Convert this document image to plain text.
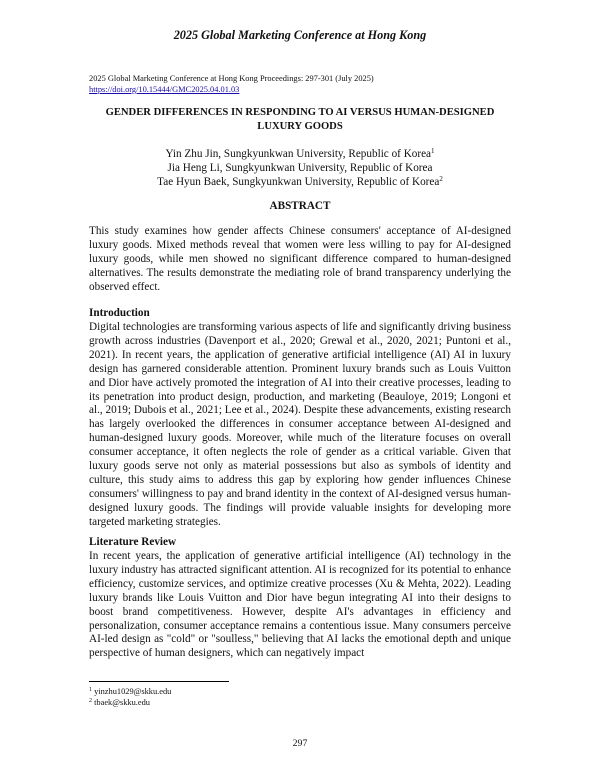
2025 Global Marketing Conference at Hong Kong
2025 Global Marketing Conference at Hong Kong Proceedings: 297-301 (July 2025)
https://doi.org/10.15444/GMC2025.04.01.03
GENDER DIFFERENCES IN RESPONDING TO AI VERSUS HUMAN-DESIGNED LUXURY GOODS
Yin Zhu Jin, Sungkyunkwan University, Republic of Korea$^1$
Jia Heng Li, Sungkyunkwan University, Republic of Korea
Tae Hyun Baek, Sungkyunkwan University, Republic of Korea$^2$
ABSTRACT
This study examines how gender affects Chinese consumers' acceptance of AI-designed luxury goods. Mixed methods reveal that women were less willing to pay for AI-designed luxury goods, while men showed no significant difference compared to human-designed alternatives. The results demonstrate the mediating role of brand transparency underlying the observed effect.
Introduction
Digital technologies are transforming various aspects of life and significantly driving business growth across industries (Davenport et al., 2020; Grewal et al., 2020, 2021; Puntoni et al., 2021). In recent years, the application of generative artificial intelligence (AI) AI in luxury design has garnered considerable attention. Prominent luxury brands such as Louis Vuitton and Dior have actively promoted the integration of AI into their creative processes, leading to its penetration into product design, production, and marketing (Beauloye, 2019; Longoni et al., 2019; Dubois et al., 2021; Lee et al., 2024). Despite these advancements, existing research has largely overlooked the differences in consumer acceptance between AI-designed and human-designed luxury goods. Moreover, while much of the literature focuses on overall consumer acceptance, it often neglects the role of gender as a critical variable. Given that luxury goods serve not only as material possessions but also as symbols of identity and culture, this study aims to address this gap by exploring how gender influences Chinese consumers' willingness to pay and brand identity in the context of AI-designed versus human-designed luxury goods. The findings will provide valuable insights for developing more targeted marketing strategies.
Literature Review
In recent years, the application of generative artificial intelligence (AI) technology in the luxury industry has attracted significant attention. AI is recognized for its potential to enhance efficiency, customize services, and optimize creative processes (Xu & Mehta, 2022). Leading luxury brands like Louis Vuitton and Dior have begun integrating AI into their designs to boost brand competitiveness. However, despite AI's advantages in efficiency and personalization, consumer acceptance remains a contentious issue. Many consumers perceive AI-led design as "cold" or "soulless," believing that AI lacks the emotional depth and unique perspective of human designers, which can negatively impact
$^1$ yinzhu1029@skku.edu
$^2$ tbaek@skku.edu
297
